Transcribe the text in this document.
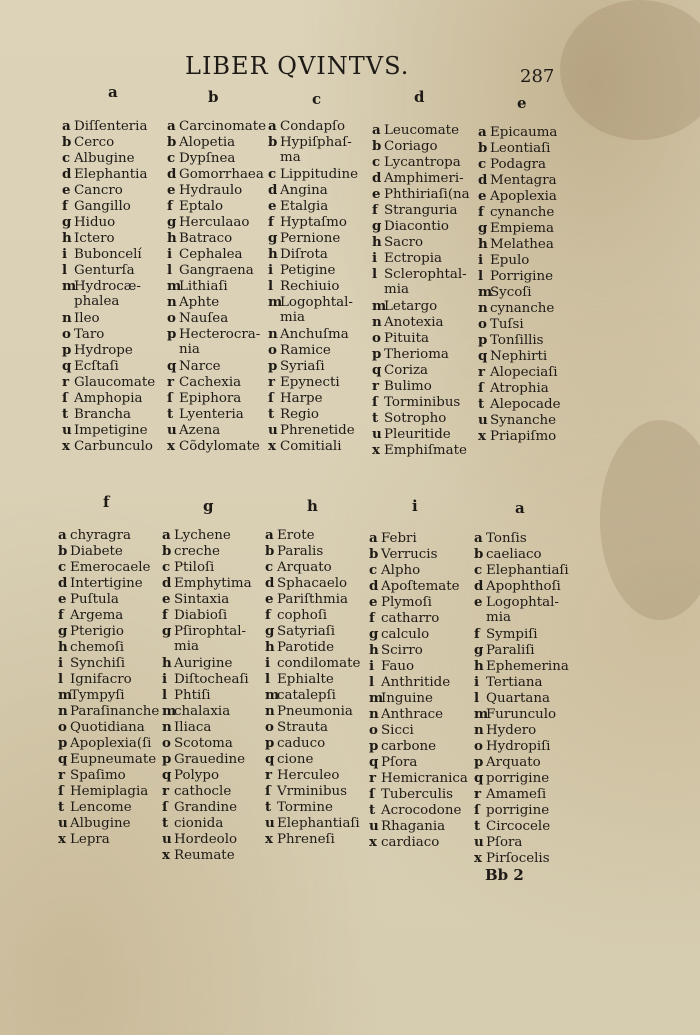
LIBER QVINTVS.	287
Bb 2
a
a Diſſenteria
b Cerco
c Albugine
d Elephantia
e Cancro
f Gangillo
g Hiduo
h Ictero
i Buboncelí
l Genturſa
mHydrocæ-
phalea
n Ileo
o Taro
p Hydrope
q Ecſtaſi
r Glaucomate
ſ Amphopia
t Brancha
u Impetigine
x Carbunculo
b
a Carcinomate
b Alopetia
c Dypſnea
d Gomorrhaea
e Hydraulo
f Eptalo
g Herculaao
h Batraco
i Cephalea
l Gangraena
mLithiaſi
n Aphte
o Nauſea
p Hecterocra-
nia
q Narce
r Cachexia
ſ Epiphora
t Lyenteria
u Azena
x Cõdylomate
c
a Condapſo
b Hypiſphaſ-
ma
c Lippitudine
d Angina
e Etalgia
f Hyptaſmo
g Pernione
h Diſrota
i Petigine
l Rechiuio
mLogophtal-
mia
n Anchuſma
o Ramice
p Syriaſi
r Epynecti
ſ Harpe
t Regio
u Phrenetide
x Comitiali
d
a Leucomate
b Coriago
c Lycantropa
d Amphimeri-
e Phthiriaſi(na
f Stranguria
g Diacontio
h Sacro
i Ectropia
l Sclerophtal-
mia
mLetargo
n Anotexia
o Pituita
p Therioma
q Coriza
r Bulimo
ſ Torminibus
t Sotropho
u Pleuritide
x Emphiſmate
e
a Epicauma
b Leontiaſi
c Podagra
d Mentagra
e Apoplexia
f cynanche
g Empiema
h Melathea
i Epulo
l Porrigine
mSycoſi
n cynanche
o Tuſsi
p Tonſillis
q Nephirti
r Alopeciaſi
ſ Atrophia
t Alepocade
u Synanche
x Priapiſmo
f
a chyragra
b Diabete
c Emerocaele
d Intertigine
e Puſtula
f Argema
g Pterigio
h chemoſi
i Synchiſi
l Ignifacro
mTympyſi
n Paraſinanche
o Quotidiana
p Apoplexia(ſi
q Eupneumate
r Spaſimo
ſ Hemiplagia
t Lencome
u Albugine
x Lepra
g
a Lychene
b creche
c Ptiloſi
d Emphytima
e Sintaxia
f Diabioſi
g Pſirophtal-
mia
h Aurigine
i Diſtocheaſi
l Phtiſi
mchalaxia
n Iliaca
o Scotoma
p Grauedine
q Polypo
r cathocle
ſ Grandine
t cionida
u Hordeolo
x Reumate
h
a Erote
b Paralis
c Arquato
d Sphacaelo
e Pariſthmia
f cophoſi
g Satyriaſi
h Parotide
i condilomate
l Ephialte
mcatalepſi
n Pneumonia
o Strauta
p caduco
q cione
r Herculeo
ſ Vrminibus
t Tormine
u Elephantiaſi
x Phreneſi
i
a Febri
b Verrucis
c Alpho
d Apoſtemate
e Plymoſi
f catharro
g calculo
h Scirro
i Fauo
l Anthritide
mInguine
n Anthrace
o Sicci
p carbone
q Pſora
r Hemicranica
ſ Tuberculis
t Acrocodone
u Rhagania
x cardiaco
a
a Tonſis
b caeliaco
c Elephantiaſi
d Apophthoſi
e Logophtal-
mia
f Sympiſi
g Paraliſi
h Ephemerina
i Tertiana
l Quartana
mFurunculo
n Hydero
o Hydropiſi
p Arquato
q porrigine
r Amameſi
ſ porrigine
t Circocele
u Pſora
x Pirſocelis
